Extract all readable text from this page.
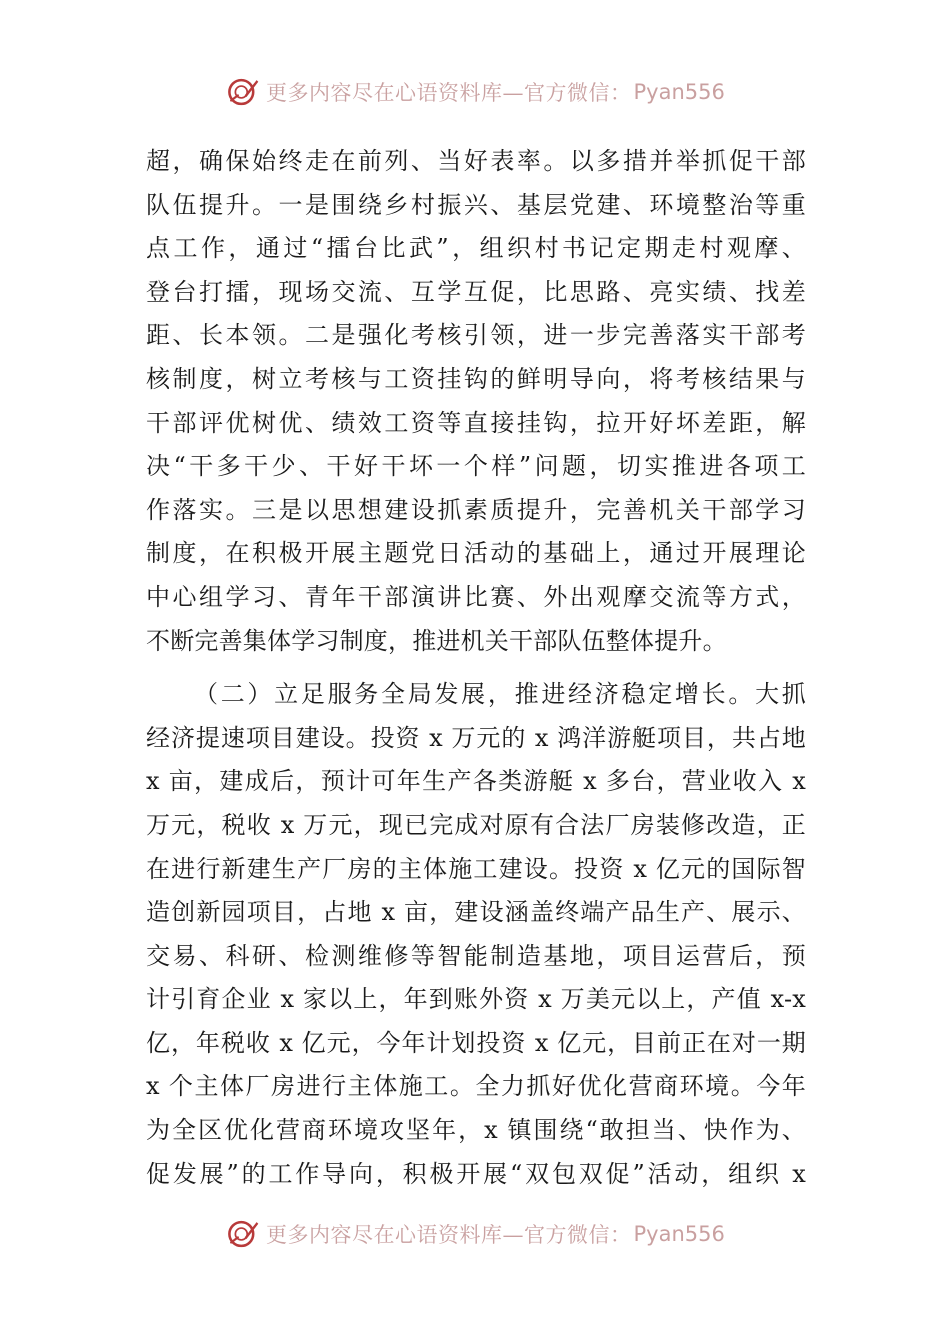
更多内容尽在心语资料库—官方微信： Pyan556
超，确保始终走在前列、当好表率。以多措并举抓促干部
队伍提升。一是围绕乡村振兴、基层党建、环境整治等重
点工作，通过“擂台比武”，组织村书记定期走村观摩、
登台打擂，现场交流、互学互促，比思路、亮实绩、找差
距、长本领。二是强化考核引领，进一步完善落实干部考
核制度，树立考核与工资挂钩的鲜明导向，将考核结果与
干部评优树优、绩效工资等直接挂钩，拉开好坏差距，解
决“干多干少、干好干坏一个样”问题，切实推进各项工
作落实。三是以思想建设抓素质提升，完善机关干部学习
制度，在积极开展主题党日活动的基础上，通过开展理论
中心组学习、青年干部演讲比赛、外出观摩交流等方式，
不断完善集体学习制度，推进机关干部队伍整体提升。
（二）立足服务全局发展，推进经济稳定增长。大抓
经济提速项目建设。投资 x 万元的 x 鸿洋游艇项目，共占地
x 亩，建成后，预计可年生产各类游艇 x 多台，营业收入 x
万元，税收 x 万元，现已完成对原有合法厂房装修改造，正
在进行新建生产厂房的主体施工建设。投资 x 亿元的国际智
造创新园项目，占地 x 亩，建设涵盖终端产品生产、展示、
交易、科研、检测维修等智能制造基地，项目运营后，预
计引育企业 x 家以上，年到账外资 x 万美元以上，产值 x-x
亿，年税收 x 亿元，今年计划投资 x 亿元，目前正在对一期
x 个主体厂房进行主体施工。全力抓好优化营商环境。今年
为全区优化营商环境攻坚年，x 镇围绕“敢担当、快作为、
促发展”的工作导向，积极开展“双包双促”活动，组织 x
更多内容尽在心语资料库—官方微信： Pyan556
